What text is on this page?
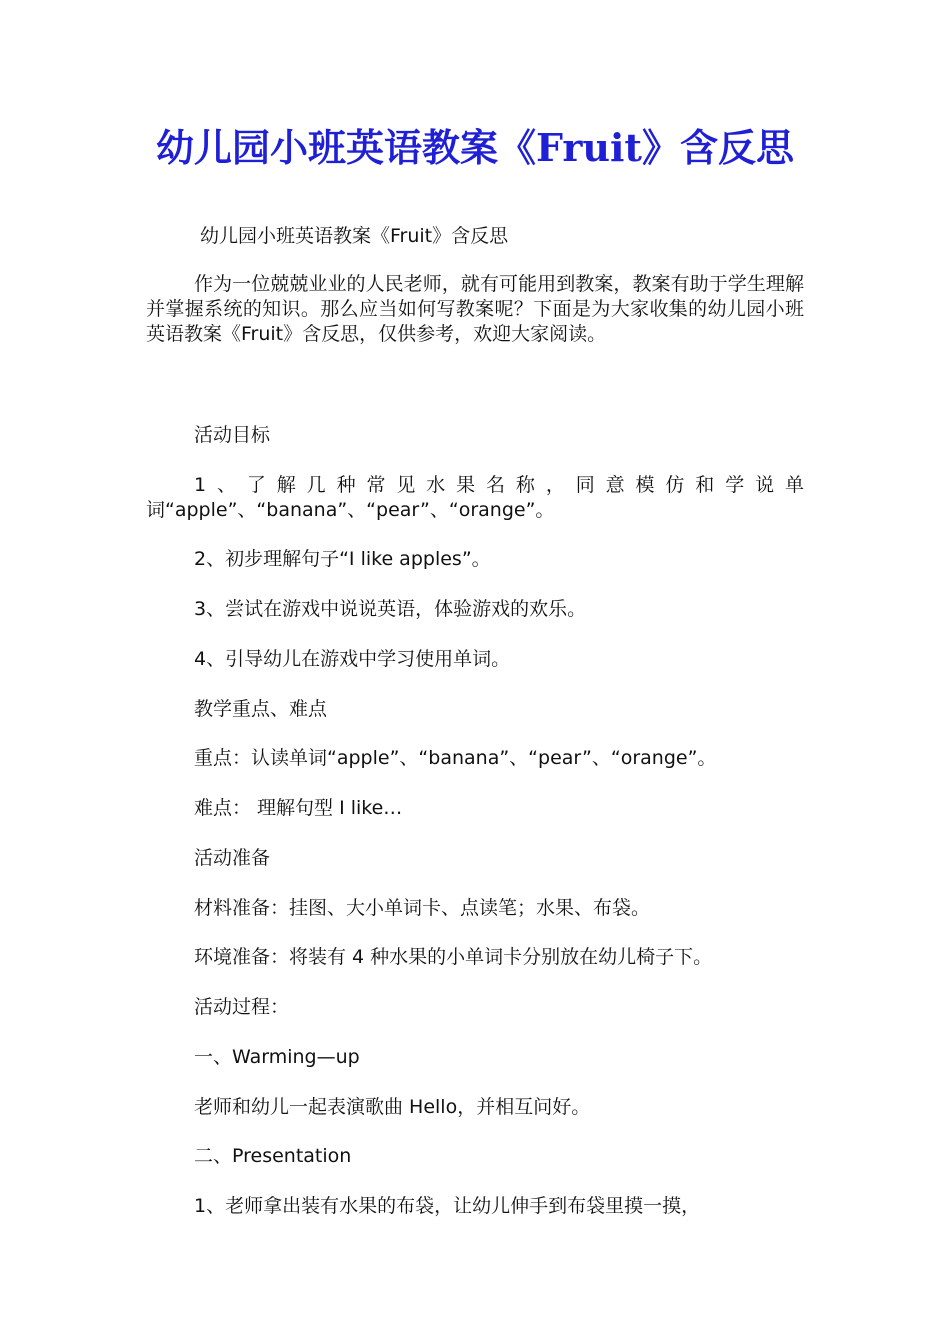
幼儿园小班英语教案《Fruit》含反思

幼儿园小班英语教案《Fruit》含反思

作为一位兢兢业业的人民老师，就有可能用到教案，教案有助于学生理解并掌握系统的知识。那么应当如何写教案呢？下面是为大家收集的幼儿园小班英语教案《Fruit》含反思，仅供参考，欢迎大家阅读。

活动目标

1、了解几种常见水果名称，同意模仿和学说单词“apple”、“banana”、“pear”、“orange”。

2、初步理解句子“I like apples”。

3、尝试在游戏中说说英语，体验游戏的欢乐。

4、引导幼儿在游戏中学习使用单词。

教学重点、难点

重点：认读单词“apple”、“banana”、“pear”、“orange”。

难点： 理解句型 I like…

活动准备

材料准备：挂图、大小单词卡、点读笔；水果、布袋。

环境准备：将装有 4 种水果的小单词卡分别放在幼儿椅子下。

活动过程：

一、Warming—up

老师和幼儿一起表演歌曲 Hello，并相互问好。

二、Presentation

1、老师拿出装有水果的布袋，让幼儿伸手到布袋里摸一摸，
